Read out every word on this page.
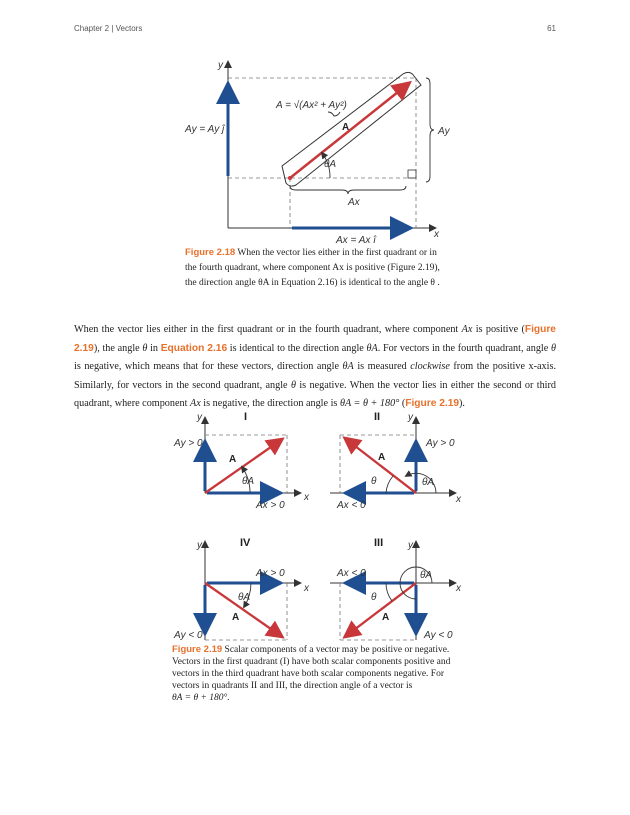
Chapter 2 | Vectors	61
y
x
θA
Ay
Ax
A = √(Ax² + Ay²)
A
Ay = Ay ĵ
Ax = Ax î
Figure 2.18 When the vector lies either in the first quadrant or in the fourth quadrant, where component Ax is positive (Figure 2.19), the direction angle θA in Equation 2.16) is identical to the angle θ .
When the vector lies either in the first quadrant or in the fourth quadrant, where component Ax is positive (Figure 2.19), the angle θ in Equation 2.16 is identical to the direction angle θA. For vectors in the fourth quadrant, angle θ is negative, which means that for these vectors, direction angle θA is measured clockwise from the positive x-axis. Similarly, for vectors in the second quadrant, angle θ is negative. When the vector lies in either the second or third quadrant, where component Ax is negative, the direction angle is θA = θ + 180° (Figure 2.19).
I
y
x
A
θA
Ay > 0
Ax > 0
II	y
x
A
θ	θA
Ay > 0
Ax < 0
IV
y
x
A
θA
Ax > 0
Ay < 0
III y
x
A
θ
θA
Ax < 0
Ay < 0
Figure 2.19 Scalar components of a vector may be positive or negative. Vectors in the first quadrant (I) have both scalar components positive and vectors in the third quadrant have both scalar components negative. For vectors in quadrants II and III, the direction angle of a vector is
θA = θ + 180°.
